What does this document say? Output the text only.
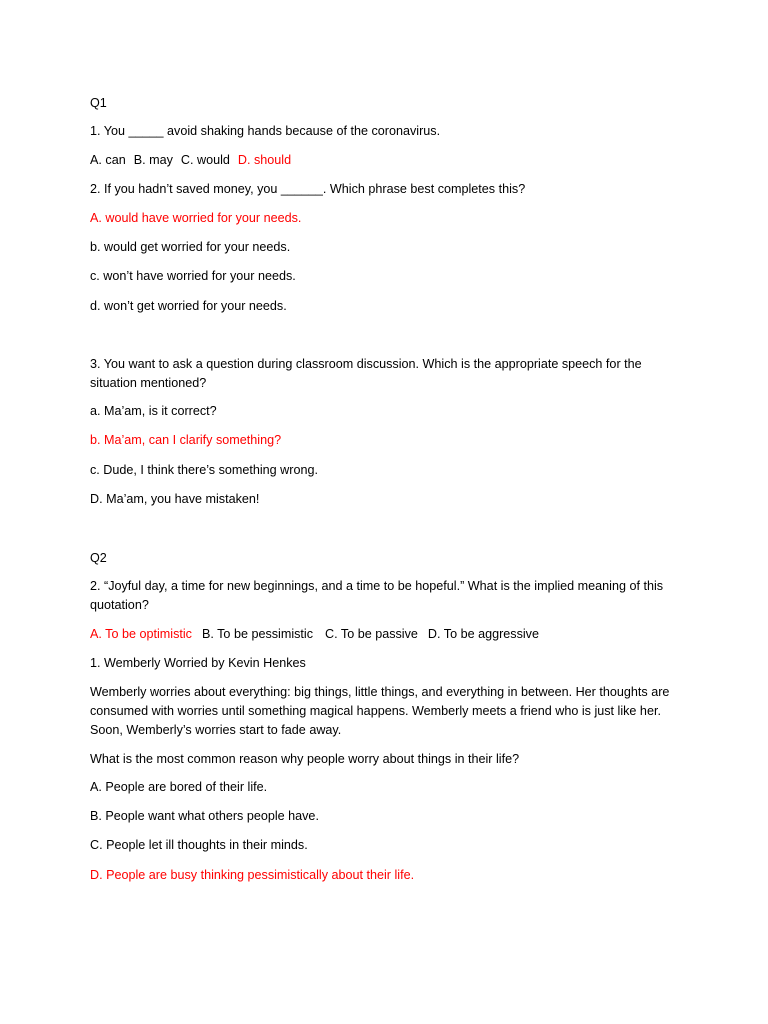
Q1
1. You _____ avoid shaking hands because of the coronavirus.
A. can B. may C. would D. should
2. If you hadn’t saved money, you ______. Which phrase best completes this?
A. would have worried for your needs.
b. would get worried for your needs.
c. won’t have worried for your needs.
d. won’t get worried for your needs.
3. You want to ask a question during classroom discussion. Which is the appropriate speech for the situation mentioned?
a. Ma’am, is it correct?
b. Ma’am, can I clarify something?
c. Dude, I think there’s something wrong.
D. Ma’am, you have mistaken!
Q2
2. “Joyful day, a time for new beginnings, and a time to be hopeful.” What is the implied meaning of this quotation?
A. To be optimistic B. To be pessimistic C. To be passive D. To be aggressive
1. Wemberly Worried by Kevin Henkes
Wemberly worries about everything: big things, little things, and everything in between. Her thoughts are consumed with worries until something magical happens. Wemberly meets a friend who is just like her. Soon, Wemberly’s worries start to fade away.
What is the most common reason why people worry about things in their life?
A. People are bored of their life.
B. People want what others people have.
C. People let ill thoughts in their minds.
D. People are busy thinking pessimistically about their life.
